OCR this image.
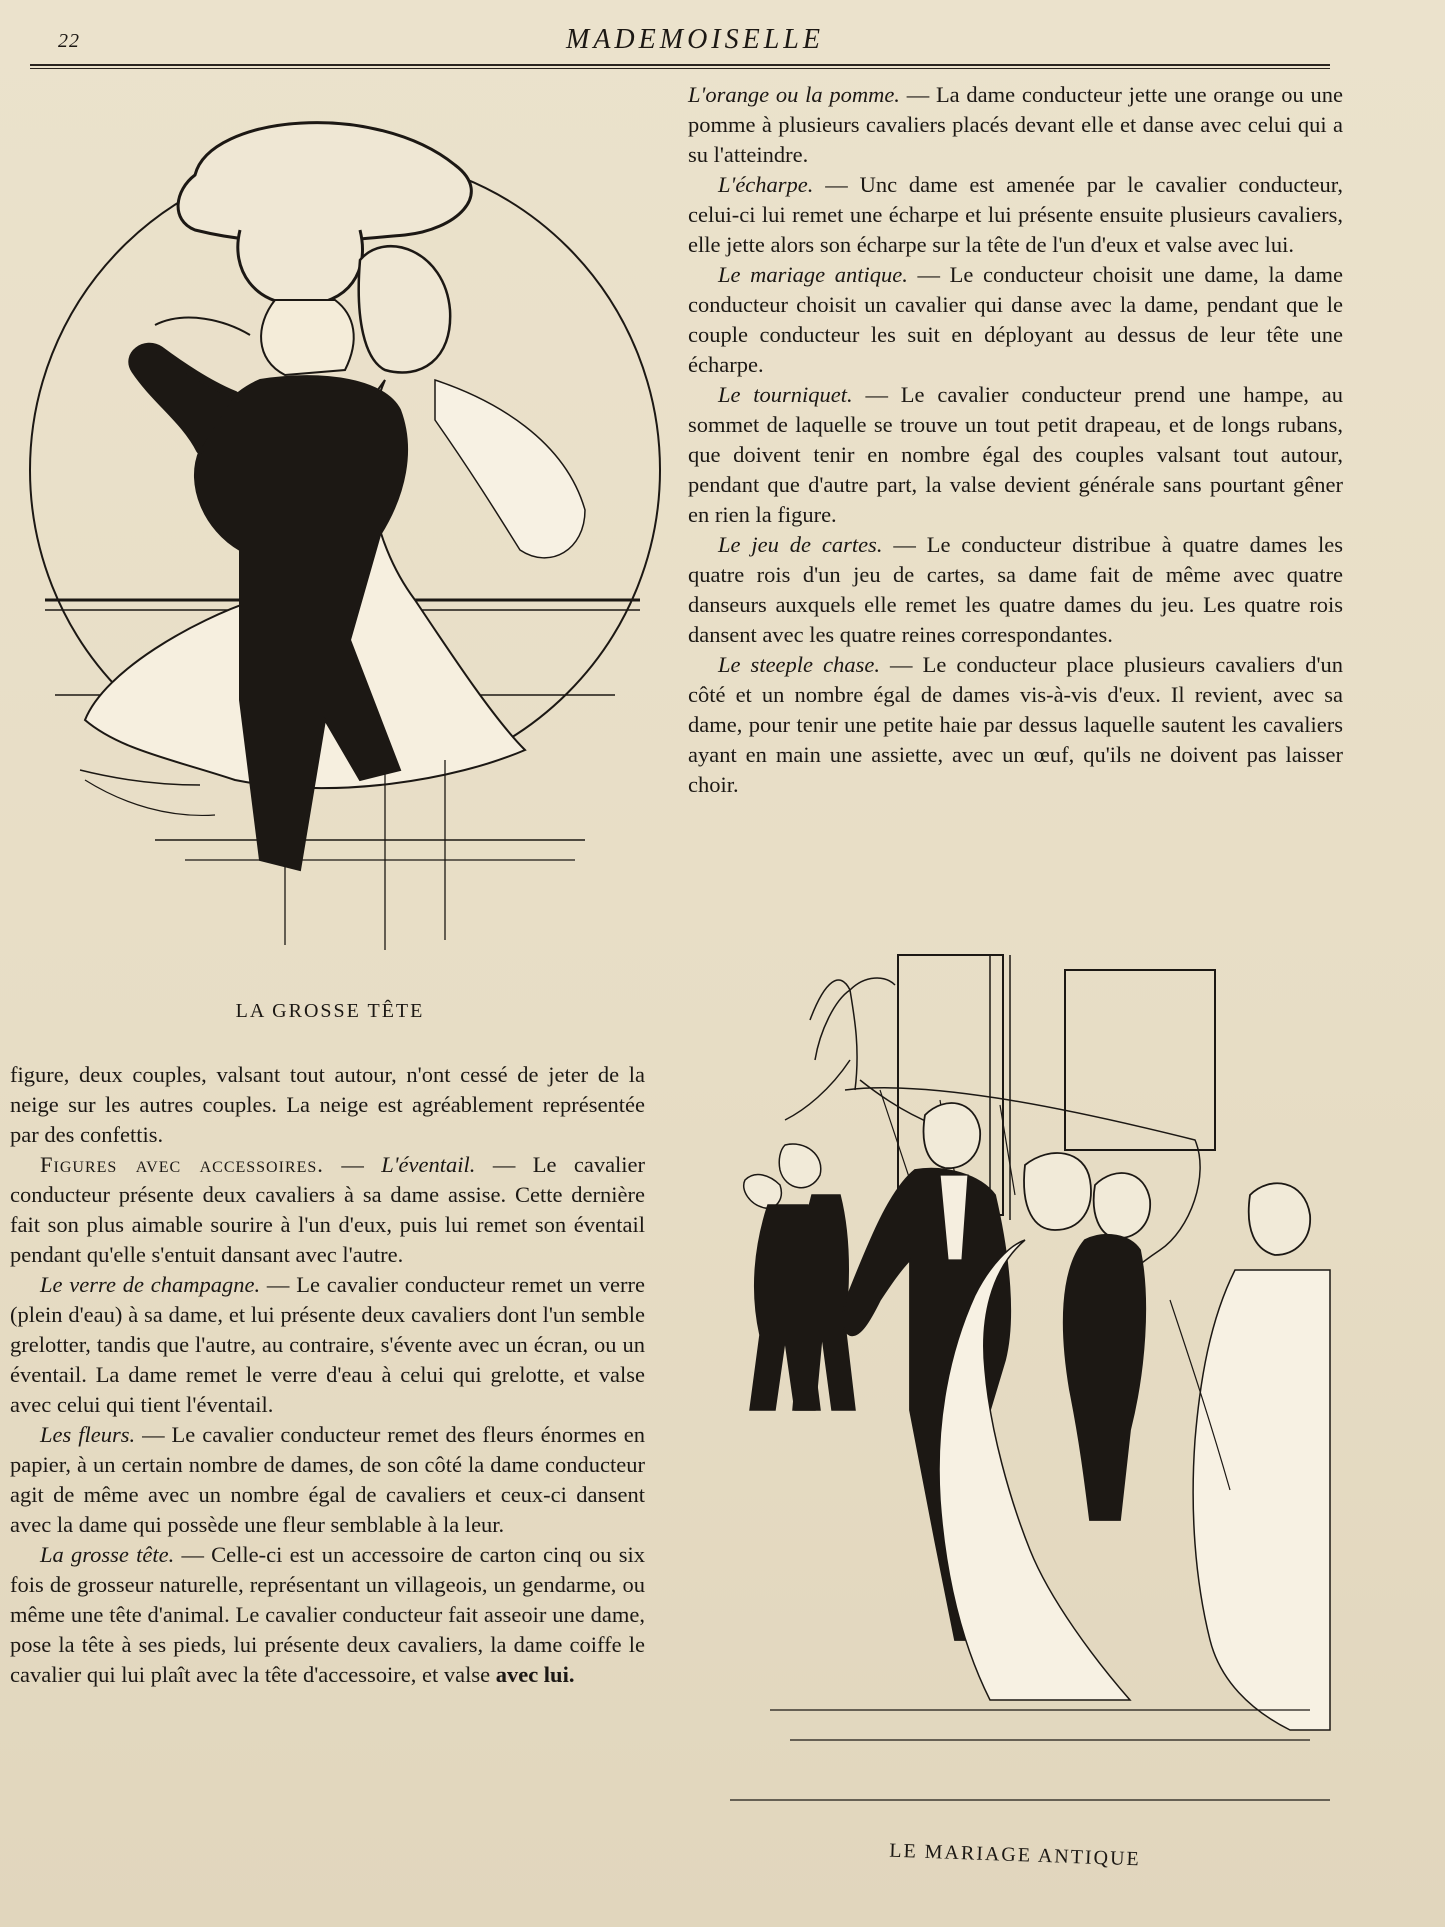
22	MADEMOISELLE
LA GROSSE TÊTE

L'orange ou la pomme. — La dame conducteur jette une orange ou une pomme à plusieurs cavaliers placés devant elle et danse avec celui qui a su l'atteindre.

L'écharpe. — Unc dame est amenée par le cavalier conducteur, celui-ci lui remet une écharpe et lui présente ensuite plusieurs cavaliers, elle jette alors son écharpe sur la tête de l'un d'eux et valse avec lui.

Le mariage antique. — Le conducteur choisit une dame, la dame conducteur choisit un cavalier qui danse avec la dame, pendant que le couple conducteur les suit en déployant au dessus de leur tête une écharpe.

Le tourniquet. — Le cavalier conducteur prend une hampe, au sommet de laquelle se trouve un tout petit drapeau, et de longs rubans, que doivent tenir en nombre égal des couples valsant tout autour, pendant que d'autre part, la valse devient générale sans pourtant gêner en rien la figure.

Le jeu de cartes. — Le conducteur distribue à quatre dames les quatre rois d'un jeu de cartes, sa dame fait de même avec quatre danseurs auxquels elle remet les quatre dames du jeu. Les quatre rois dansent avec les quatre reines correspondantes.

Le steeple chase. — Le conducteur place plusieurs cavaliers d'un côté et un nombre égal de dames vis-à-vis d'eux. Il revient, avec sa dame, pour tenir une petite haie par dessus laquelle sautent les cavaliers ayant en main une assiette, avec un œuf, qu'ils ne doivent pas laisser choir.

LE MARIAGE ANTIQUE

figure, deux couples, valsant tout autour, n'ont cessé de jeter de la neige sur les autres couples. La neige est agréablement représentée par des confettis.

Figures avec accessoires. — L'éventail. — Le cavalier conducteur présente deux cavaliers à sa dame assise. Cette dernière fait son plus aimable sourire à l'un d'eux, puis lui remet son éventail pendant qu'elle s'entuit dansant avec l'autre.

Le verre de champagne. — Le cavalier conducteur remet un verre (plein d'eau) à sa dame, et lui présente deux cavaliers dont l'un semble grelotter, tandis que l'autre, au contraire, s'évente avec un écran, ou un éventail. La dame remet le verre d'eau à celui qui grelotte, et valse avec celui qui tient l'éventail.

Les fleurs. — Le cavalier conducteur remet des fleurs énormes en papier, à un certain nombre de dames, de son côté la dame conducteur agit de même avec un nombre égal de cavaliers et ceux-ci dansent avec la dame qui possède une fleur semblable à la leur.

La grosse tête. — Celle-ci est un accessoire de carton cinq ou six fois de grosseur naturelle, représentant un villageois, un gendarme, ou même une tête d'animal. Le cavalier conducteur fait asseoir une dame, pose la tête à ses pieds, lui présente deux cavaliers, la dame coiffe le cavalier qui lui plaît avec la tête d'accessoire, et valse avec lui.
